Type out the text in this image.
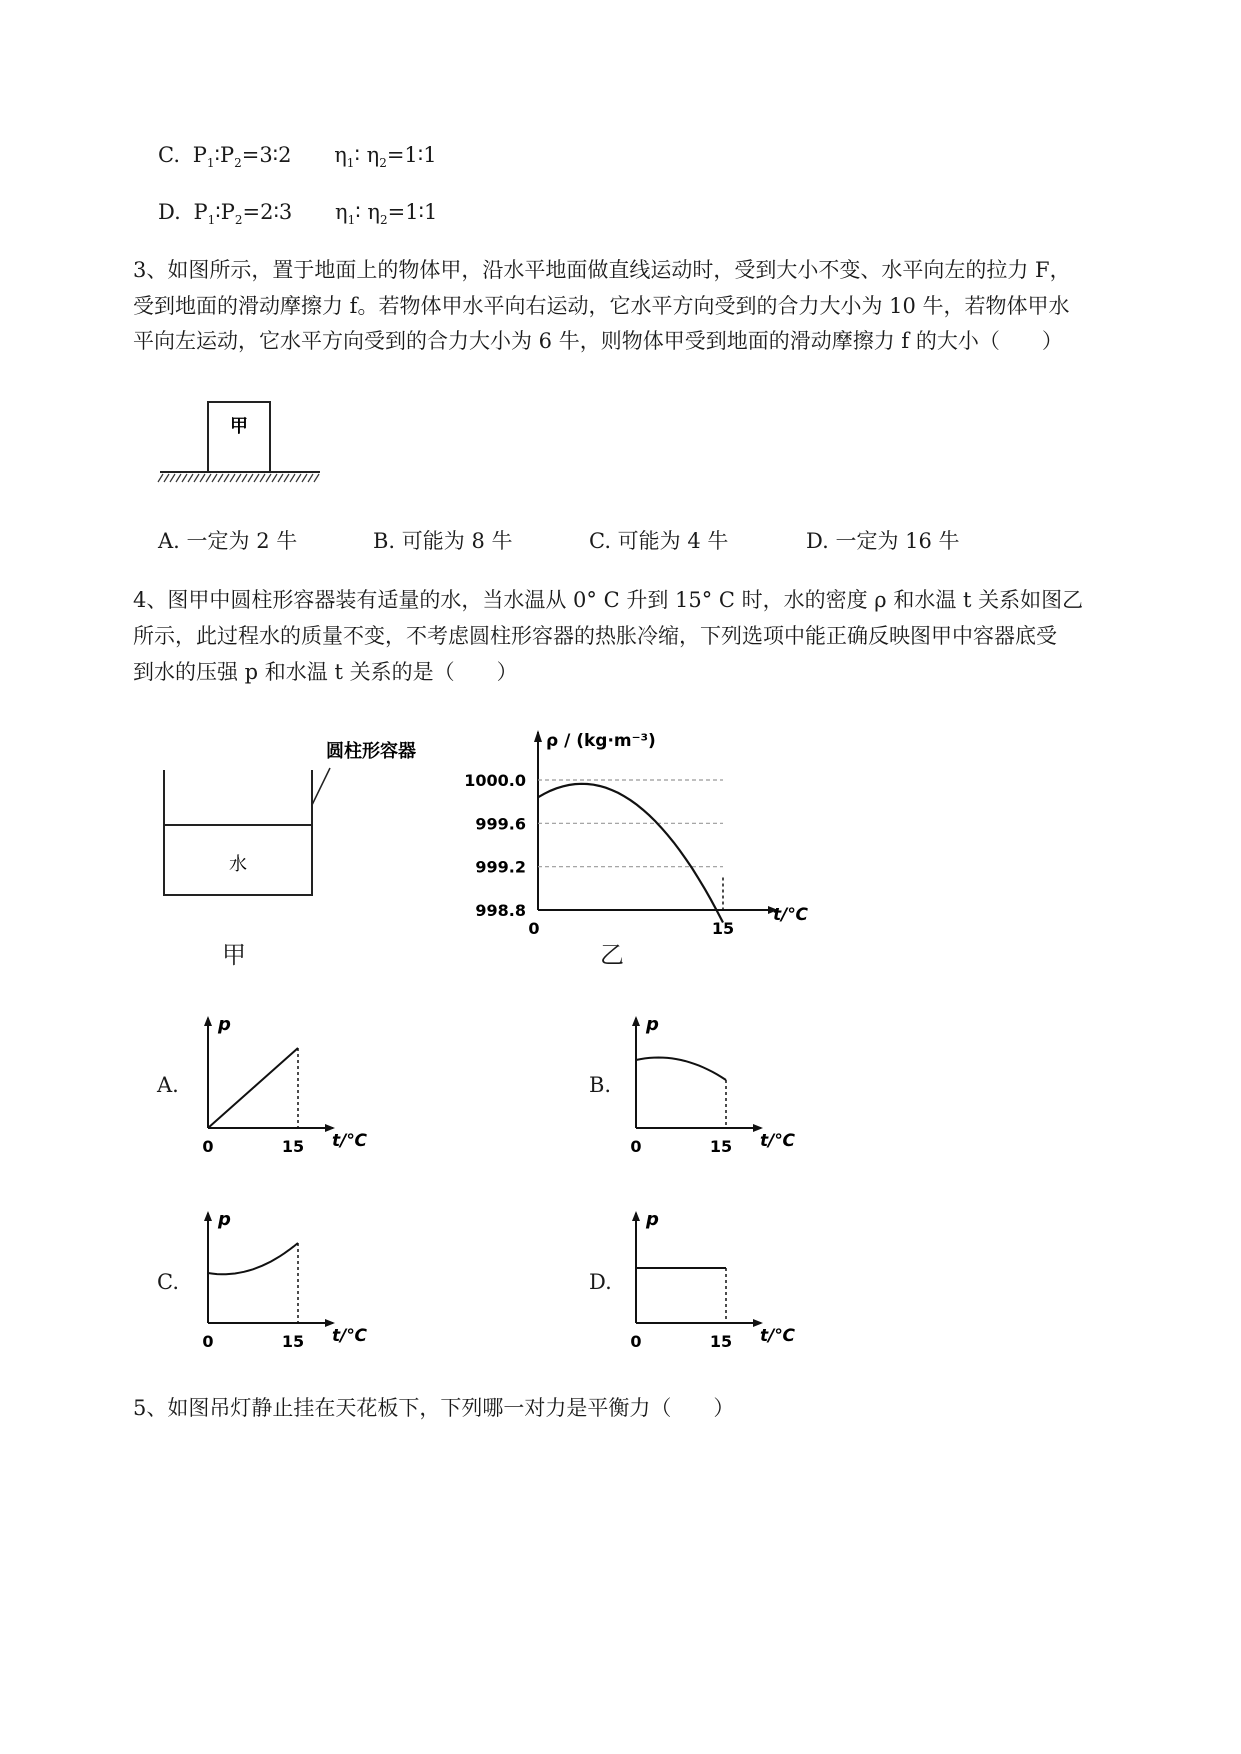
C. $P_1∶P_2=3∶2$ $\eta_1∶$ $\eta_2=1∶1$
D. $P_1∶P_2=2∶3$ $\eta_1∶$ $\eta_2=1∶1$
3、如图所示，置于地面上的物体甲，沿水平地面做直线运动时，受到大小不变、水平向左的拉力 F，
受到地面的滑动摩擦力 f。若物体甲水平向右运动，它水平方向受到的合力大小为 10 牛，若物体甲水
平向左运动，它水平方向受到的合力大小为 6 牛，则物体甲受到地面的滑动摩擦力 f 的大小（　　）
甲
A. 一定为 2 牛	B. 可能为 8 牛	C. 可能为 4 牛	D. 一定为 16 牛
4、图甲中圆柱形容器装有适量的水，当水温从 0° C 升到 15° C 时，水的密度 ρ 和水温 t 关系如图乙
所示，此过程水的质量不变，不考虑圆柱形容器的热胀冷缩，下列选项中能正确反映图甲中容器底受
到水的压强 p 和水温 t 关系的是（　　）
圆柱形容器
水
甲
1000.0
999.6
999.2
998.8
0	15
ρ / (kg·m⁻³)
t/℃
乙
A.
p
t/℃
0	15
B.
p
t/℃
0	15
C.
p
t/℃
0	15
D.
p
t/℃
0	15
5、如图吊灯静止挂在天花板下，下列哪一对力是平衡力（　　）
